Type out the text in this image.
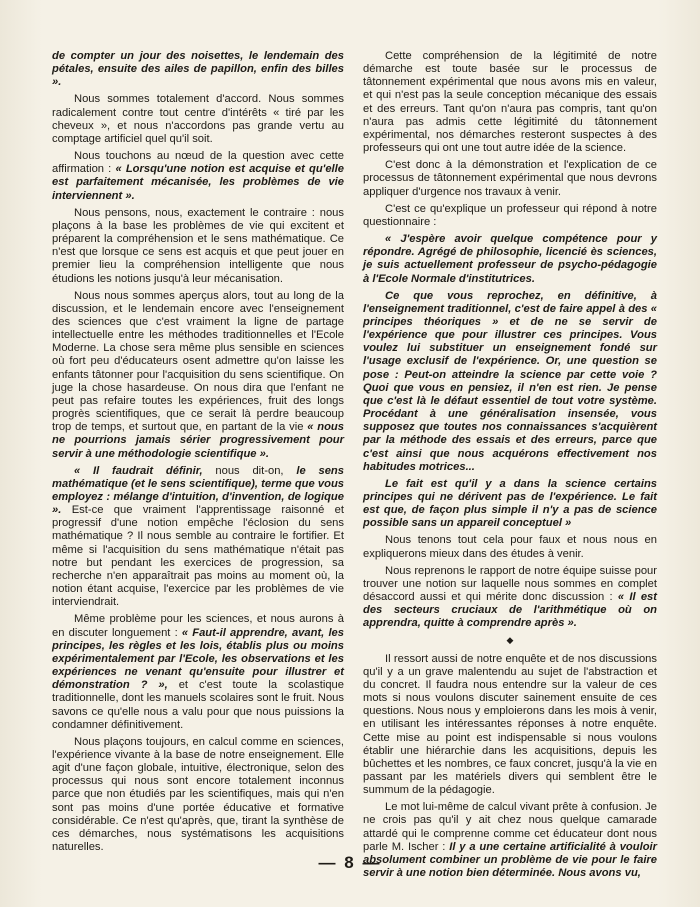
de compter un jour des noisettes, le lendemain des pétales, ensuite des ailes de papillon, enfin des billes ».

Nous sommes totalement d'accord. Nous sommes radicalement contre tout centre d'intérêts « tiré par les cheveux », et nous n'accordons pas grande vertu au comptage artificiel quel qu'il soit.

Nous touchons au nœud de la question avec cette affirmation : « Lorsqu'une notion est acquise et qu'elle est parfaitement mécanisée, les problèmes de vie interviennent ».

Nous pensons, nous, exactement le contraire : nous plaçons à la base les problèmes de vie qui excitent et préparent la compréhension et le sens mathématique. Ce n'est que lorsque ce sens est acquis et que peut jouer en premier lieu la compréhension intelligente que nous étudions les notions jusqu'à leur mécanisation.

Nous nous sommes aperçus alors, tout au long de la discussion, et le lendemain encore avec l'enseignement des sciences que c'est vraiment la ligne de partage intellectuelle entre les méthodes traditionnelles et l'Ecole Moderne. La chose sera même plus sensible en sciences où fort peu d'éducateurs osent admettre qu'on laisse les enfants tâtonner pour l'acquisition du sens scientifique. On juge la chose hasardeuse. On nous dira que l'enfant ne peut pas refaire toutes les expériences, fruit des longs progrès scientifiques, que ce serait là perdre beaucoup trop de temps, et surtout que, en partant de la vie « nous ne pourrions jamais sérier progressivement pour servir à une méthodologie scientifique ».

« Il faudrait définir, nous dit-on, le sens mathématique (et le sens scientifique), terme que vous employez : mélange d'intuition, d'invention, de logique ». Est-ce que vraiment l'apprentissage raisonné et progressif d'une notion empêche l'éclosion du sens mathématique ? Il nous semble au contraire le fortifier. Et même si l'acquisition du sens mathématique n'était pas notre but pendant les exercices de progression, sa recherche n'en apparaîtrait pas moins au moment où, la notion étant acquise, l'exercice par les problèmes de vie interviendrait.

Même problème pour les sciences, et nous aurons à en discuter longuement : « Faut-il apprendre, avant, les principes, les règles et les lois, établis plus ou moins expérimentalement par l'Ecole, les observations et les expériences ne venant qu'ensuite pour illustrer et démonstration ? », et c'est toute la scolastique traditionnelle, dont les manuels scolaires sont le fruit. Nous savons ce qu'elle nous a valu pour que nous puissions la condamner définitivement.

Nous plaçons toujours, en calcul comme en sciences, l'expérience vivante à la base de notre enseignement. Elle agit d'une façon globale, intuitive, électronique, selon des processus qui nous sont encore totalement inconnus parce que non étudiés par les scientifiques, mais qui n'en sont pas moins d'une portée éducative et formative considérable. Ce n'est qu'après, que, tirant la synthèse de ces démarches, nous systématisons les acquisitions naturelles.

Cette compréhension de la légitimité de notre démarche est toute basée sur le processus de tâtonnement expérimental que nous avons mis en valeur, et qui n'est pas la seule conception mécanique des essais et des erreurs. Tant qu'on n'aura pas compris, tant qu'on n'aura pas admis cette légitimité du tâtonnement expérimental, nos démarches resteront suspectes à des professeurs qui ont une tout autre idée de la science.

C'est donc à la démonstration et l'explication de ce processus de tâtonnement expérimental que nous devrons appliquer d'urgence nos travaux à venir.

C'est ce qu'explique un professeur qui répond à notre questionnaire :

« J'espère avoir quelque compétence pour y répondre. Agrégé de philosophie, licencié ès sciences, je suis actuellement professeur de psycho-pédagogie à l'Ecole Normale d'institutrices.

Ce que vous reprochez, en définitive, à l'enseignement traditionnel, c'est de faire appel à des « principes théoriques » et de ne se servir de l'expérience que pour illustrer ces principes. Vous voulez lui substituer un enseignement fondé sur l'usage exclusif de l'expérience. Or, une question se pose : Peut-on atteindre la science par cette voie ? Quoi que vous en pensiez, il n'en est rien. Je pense que c'est là le défaut essentiel de tout votre système. Procédant à une généralisation insensée, vous supposez que toutes nos connaissances s'acquièrent par la méthode des essais et des erreurs, parce que c'est ainsi que nous acquérons effectivement nos habitudes motrices...

Le fait est qu'il y a dans la science certains principes qui ne dérivent pas de l'expérience. Le fait est que, de façon plus simple il n'y a pas de science possible sans un appareil conceptuel »

Nous tenons tout cela pour faux et nous nous en expliquerons mieux dans des études à venir.

Nous reprenons le rapport de notre équipe suisse pour trouver une notion sur laquelle nous sommes en complet désaccord aussi et qui mérite donc discussion : « Il est des secteurs cruciaux de l'arithmétique où on apprendra, quitte à comprendre après ».

◆

Il ressort aussi de notre enquête et de nos discussions qu'il y a un grave malentendu au sujet de l'abstraction et du concret. Il faudra nous entendre sur la valeur de ces mots si nous voulons discuter sainement ensuite de ces questions. Nous nous y emploierons dans les mois à venir, en utilisant les intéressantes réponses à notre enquête. Cette mise au point est indispensable si nous voulons établir une hiérarchie dans les acquisitions, depuis les bûchettes et les nombres, ce faux concret, jusqu'à la vie en passant par les matériels divers qui semblent être le summum de la pédagogie.

Le mot lui-même de calcul vivant prête à confusion. Je ne crois pas qu'il y ait chez nous quelque camarade attardé qui le comprenne comme cet éducateur dont nous parle M. Ischer : Il y a une certaine artificialité à vouloir absolument combiner un problème de vie pour le faire servir à une notion bien déterminée. Nous avons vu,

— 8 —
